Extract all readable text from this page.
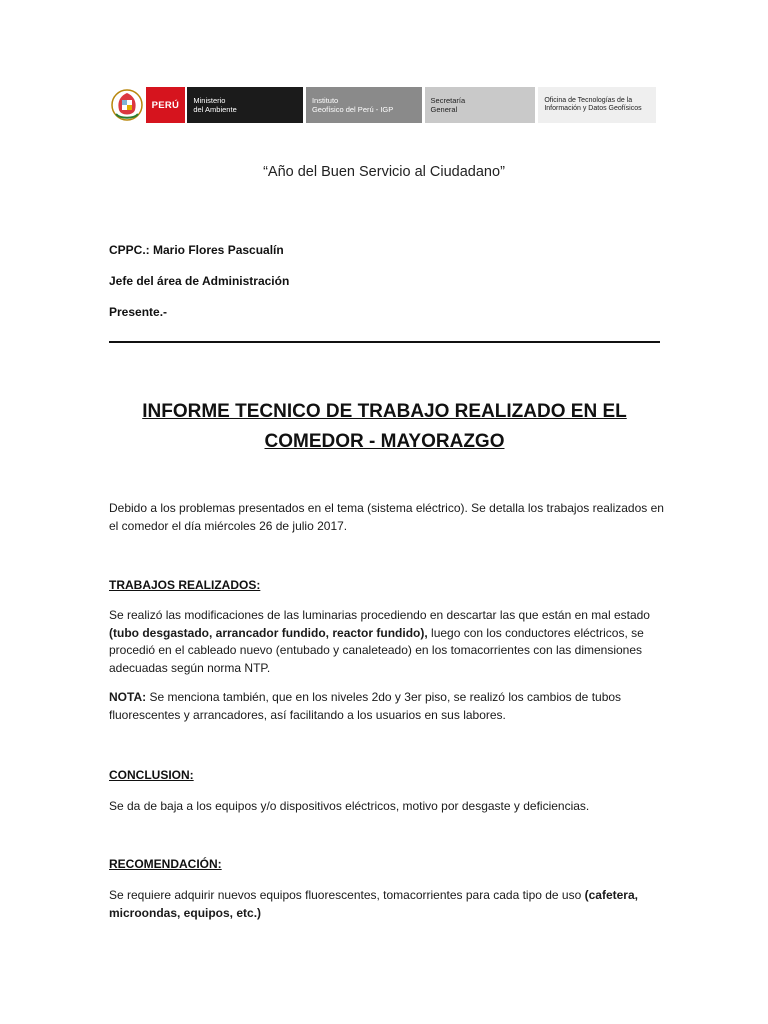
PERÚ	Ministerio
del Ambiente
Instituto
Geofísico del Perú - IGP
Secretaría
General
Oficina de Tecnologías de la
Información y Datos Geofísicos
“Año del Buen Servicio al Ciudadano”
CPPC.: Mario Flores Pascualín
Jefe del área de Administración
Presente.-
INFORME TECNICO DE TRABAJO REALIZADO EN EL
COMEDOR - MAYORAZGO
Debido a los problemas presentados en el tema (sistema eléctrico). Se detalla los trabajos realizados en
el comedor el día miércoles 26 de julio 2017.
TRABAJOS REALIZADOS:
Se realizó las modificaciones de las luminarias procediendo en descartar las que están en mal estado
(tubo desgastado, arrancador fundido, reactor fundido), luego con los conductores eléctricos, se
procedió en el cableado nuevo (entubado y canaleteado) en los tomacorrientes con las dimensiones
adecuadas según norma NTP.
NOTA: Se menciona también, que en los niveles 2do y 3er piso, se realizó los cambios de tubos
fluorescentes y arrancadores, así facilitando a los usuarios en sus labores.
CONCLUSION:
Se da de baja a los equipos y/o dispositivos eléctricos, motivo por desgaste y deficiencias.
RECOMENDACIÓN:
Se requiere adquirir nuevos equipos fluorescentes, tomacorrientes para cada tipo de uso (cafetera,
microondas, equipos, etc.)
